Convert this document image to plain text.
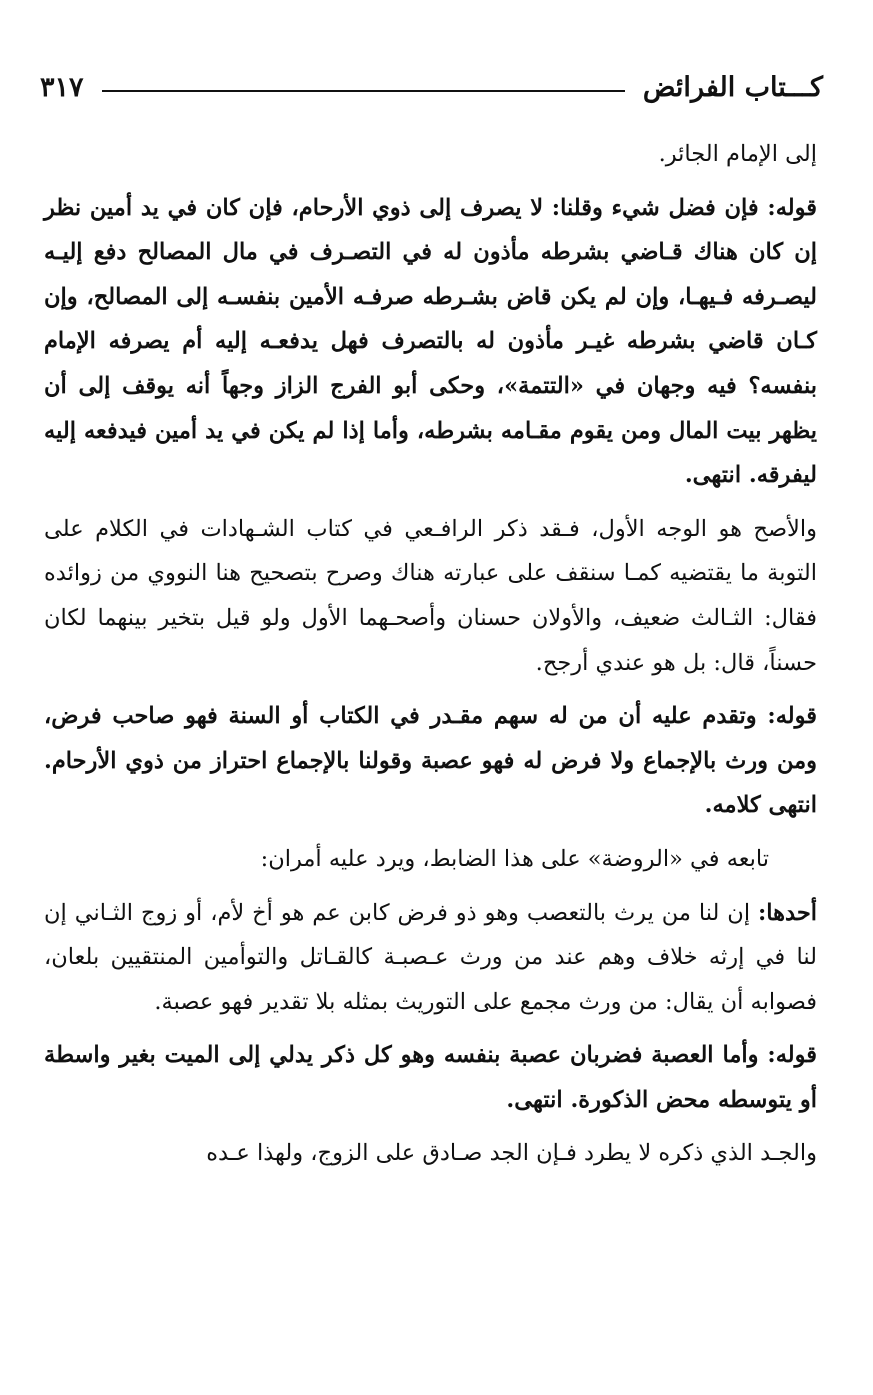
كـــتاب الفرائض
٣١٧

إلى الإمام الجائر.

قوله: فإن فضل شيء وقلنا: لا يصرف إلى ذوي الأرحام، فإن كان في يد أمين نظر إن كان هناك قـاضي بشرطه مأذون له في التصـرف في مال المصالح دفع إليـه ليصـرفه فـيهـا، وإن لم يكن قاض بشـرطه صرفـه الأمين بنفسـه إلى المصالح، وإن كـان قاضي بشرطه غيـر مأذون له بالتصرف فهل يدفعـه إليه أم يصرفه الإمام بنفسه؟ فيه وجهان في «التتمة»، وحكى أبو الفرج الزاز وجهاً أنه يوقف إلى أن يظهر بيت المال ومن يقوم مقـامه بشرطه، وأما إذا لم يكن في يد أمين فيدفعه إليه ليفرقه. انتهى.

والأصح هو الوجه الأول، فـقد ذكر الرافـعي في كتاب الشـهادات في الكلام على التوبة ما يقتضيه كمـا سنقف على عبارته هناك وصرح بتصحيح هنا النووي من زوائده فقال: الثـالث ضعيف، والأولان حسنان وأصحـهما الأول ولو قيل بتخير بينهما لكان حسناً، قال: بل هو عندي أرجح.

قوله: وتقدم عليه أن من له سهم مقـدر في الكتاب أو السنة فهو صاحب فرض، ومن ورث بالإجماع ولا فرض له فهو عصبة وقولنا بالإجماع احتراز من ذوي الأرحام. انتهى كلامه.

تابعه في «الروضة» على هذا الضابط، ويرد عليه أمران:

أحدها: إن لنا من يرث بالتعصب وهو ذو فرض كابن عم هو أخ لأم، أو زوج الثـاني إن لنا في إرثه خلاف وهم عند من ورث عـصبـة كالقـاتل والتوأمين المنتقيين بلعان، فصوابه أن يقال: من ورث مجمع على التوريث بمثله بلا تقدير فهو عصبة.

قوله: وأما العصبة فضربان عصبة بنفسه وهو كل ذكر يدلي إلى الميت بغير واسطة أو يتوسطه محض الذكورة. انتهى.

والجـد الذي ذكره لا يطرد فـإن الجد صـادق على الزوج، ولهذا عـده
